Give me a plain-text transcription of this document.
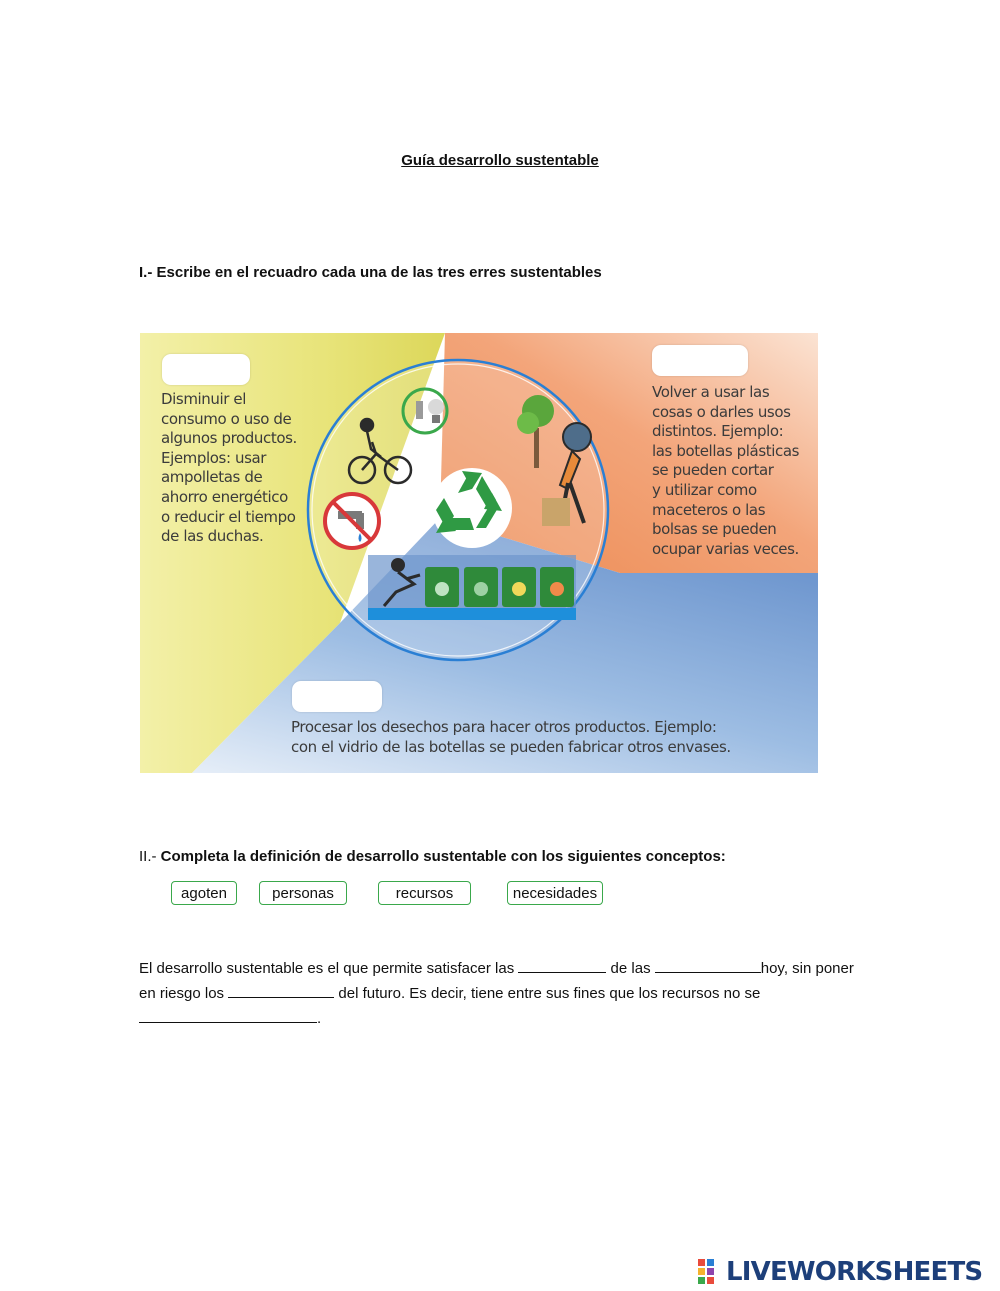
Guía desarrollo sustentable
I.- Escribe en el recuadro cada una de las tres erres sustentables
Disminuir el
consumo o uso de
algunos productos.
Ejemplos: usar
ampolletas de
ahorro energético
o reducir el tiempo
de las duchas.
Volver a usar las
cosas o darles usos
distintos. Ejemplo:
las botellas plásticas
se pueden cortar
y utilizar como
maceteros o las
bolsas se pueden
ocupar varias veces.
Procesar los desechos para hacer otros productos. Ejemplo:
con el vidrio de las botellas se pueden fabricar otros envases.
II.- Completa la definición de desarrollo sustentable con los siguientes conceptos:
agoten	personas	recursos	necesidades
El desarrollo sustentable es el que permite satisfacer las	de las	hoy, sin poner en riesgo los	del futuro. Es decir, tiene entre sus fines que los recursos no se .
LIVEWORKSHEETS
